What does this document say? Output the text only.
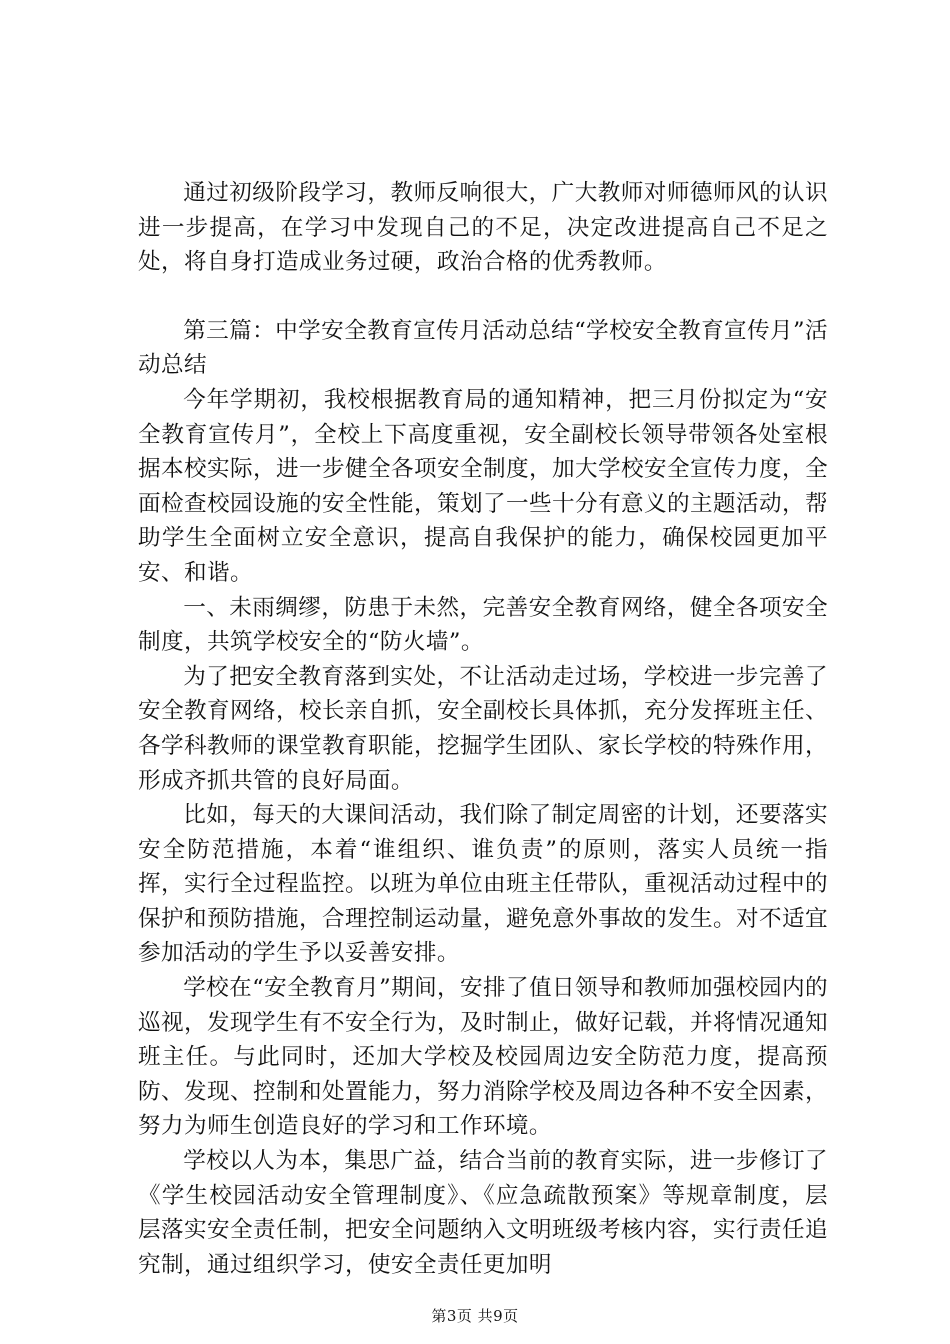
通过初级阶段学习，教师反响很大，广大教师对师德师风的认识进一步提高，在学习中发现自己的不足，决定改进提高自己不足之处，将自身打造成业务过硬，政治合格的优秀教师。

第三篇：中学安全教育宣传月活动总结“学校安全教育宣传月”活动总结

今年学期初，我校根据教育局的通知精神，把三月份拟定为“安全教育宣传月”，全校上下高度重视，安全副校长领导带领各处室根据本校实际，进一步健全各项安全制度，加大学校安全宣传力度，全面检查校园设施的安全性能，策划了一些十分有意义的主题活动，帮助学生全面树立安全意识，提高自我保护的能力，确保校园更加平安、和谐。

一、未雨绸缪，防患于未然，完善安全教育网络，健全各项安全制度，共筑学校安全的“防火墙”。

为了把安全教育落到实处，不让活动走过场，学校进一步完善了安全教育网络，校长亲自抓，安全副校长具体抓，充分发挥班主任、各学科教师的课堂教育职能，挖掘学生团队、家长学校的特殊作用，形成齐抓共管的良好局面。

比如，每天的大课间活动，我们除了制定周密的计划，还要落实安全防范措施，本着“谁组织、谁负责”的原则，落实人员统一指挥，实行全过程监控。以班为单位由班主任带队，重视活动过程中的保护和预防措施，合理控制运动量，避免意外事故的发生。对不适宜参加活动的学生予以妥善安排。

学校在“安全教育月”期间，安排了值日领导和教师加强校园内的巡视，发现学生有不安全行为，及时制止，做好记载，并将情况通知班主任。与此同时，还加大学校及校园周边安全防范力度，提高预防、发现、控制和处置能力，努力消除学校及周边各种不安全因素，努力为师生创造良好的学习和工作环境。

学校以人为本，集思广益，结合当前的教育实际，进一步修订了《学生校园活动安全管理制度》、《应急疏散预案》等规章制度，层层落实安全责任制，把安全问题纳入文明班级考核内容，实行责任追究制，通过组织学习，使安全责任更加明

第3页 共9页
